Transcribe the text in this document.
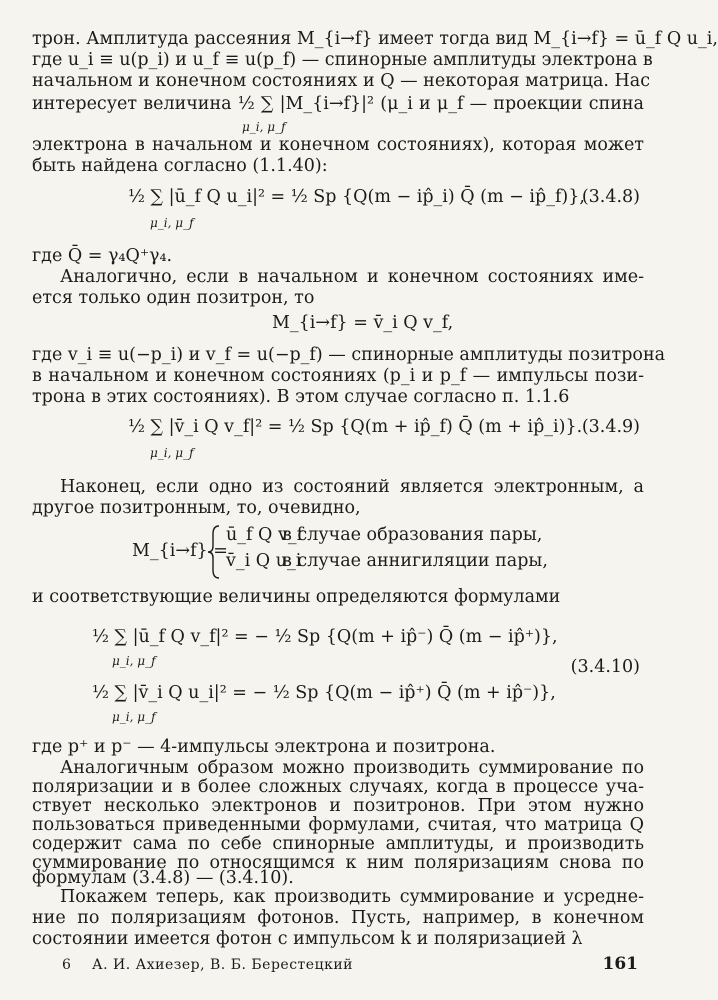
трон. Амплитуда рассеяния M_{i→f} имеет тогда вид M_{i→f} = ū_f Q u_i,
где u_i ≡ u(p_i) и u_f ≡ u(p_f) — спинорные амплитуды электрона в
начальном и конечном состояниях и Q — некоторая матрица. Нас
интересует величина ½ ∑ |M_{i→f}|² (μ_i и μ_f — проекции спина
μ_i, μ_f
электрона в начальном и конечном состояниях), которая может
быть найдена согласно (1.1.40):
½ ∑ |ū_f Q u_i|² = ½ Sp {Q(m − ip̂_i) Q̄ (m − ip̂_f)},
μ_i, μ_f
(3.4.8)
где Q̄ = γ₄Q⁺γ₄.
Аналогично, если в начальном и конечном состояниях име-
ется только один позитрон, то
M_{i→f} = v̄_i Q v_f,
где v_i ≡ u(−p_i) и v_f = u(−p_f) — спинорные амплитуды позитрона
в начальном и конечном состояниях (p_i и p_f — импульсы пози-
трона в этих состояниях). В этом случае согласно п. 1.1.6
½ ∑ |v̄_i Q v_f|² = ½ Sp {Q(m + ip̂_f) Q̄ (m + ip̂_i)}.
μ_i, μ_f
(3.4.9)
Наконец, если одно из состояний является электронным, а
другое позитронным, то, очевидно,
M_{i→f} =
ū_f Q v_f
в случае образования пары,
v̄_i Q u_i
в случае аннигиляции пары,
и соответствующие величины определяются формулами
½ ∑ |ū_f Q v_f|² = − ½ Sp {Q(m + ip̂⁻) Q̄ (m − ip̂⁺)},
μ_i, μ_f
½ ∑ |v̄_i Q u_i|² = − ½ Sp {Q(m − ip̂⁺) Q̄ (m + ip̂⁻)},
μ_i, μ_f
(3.4.10)
где p⁺ и p⁻ — 4-импульсы электрона и позитрона.
Аналогичным образом можно производить суммирование по
поляризации и в более сложных случаях, когда в процессе уча-
ствует несколько электронов и позитронов. При этом нужно
пользоваться приведенными формулами, считая, что матрица Q
содержит сама по себе спинорные амплитуды, и производить
суммирование по относящимся к ним поляризациям снова по
формулам (3.4.8) — (3.4.10).
Покажем теперь, как производить суммирование и усредне-
ние по поляризациям фотонов. Пусть, например, в конечном
6 А. И. Ахиезер, В. Б. Берестецкий	161
состоянии имеется фотон с импульсом k и поляризацией λ
